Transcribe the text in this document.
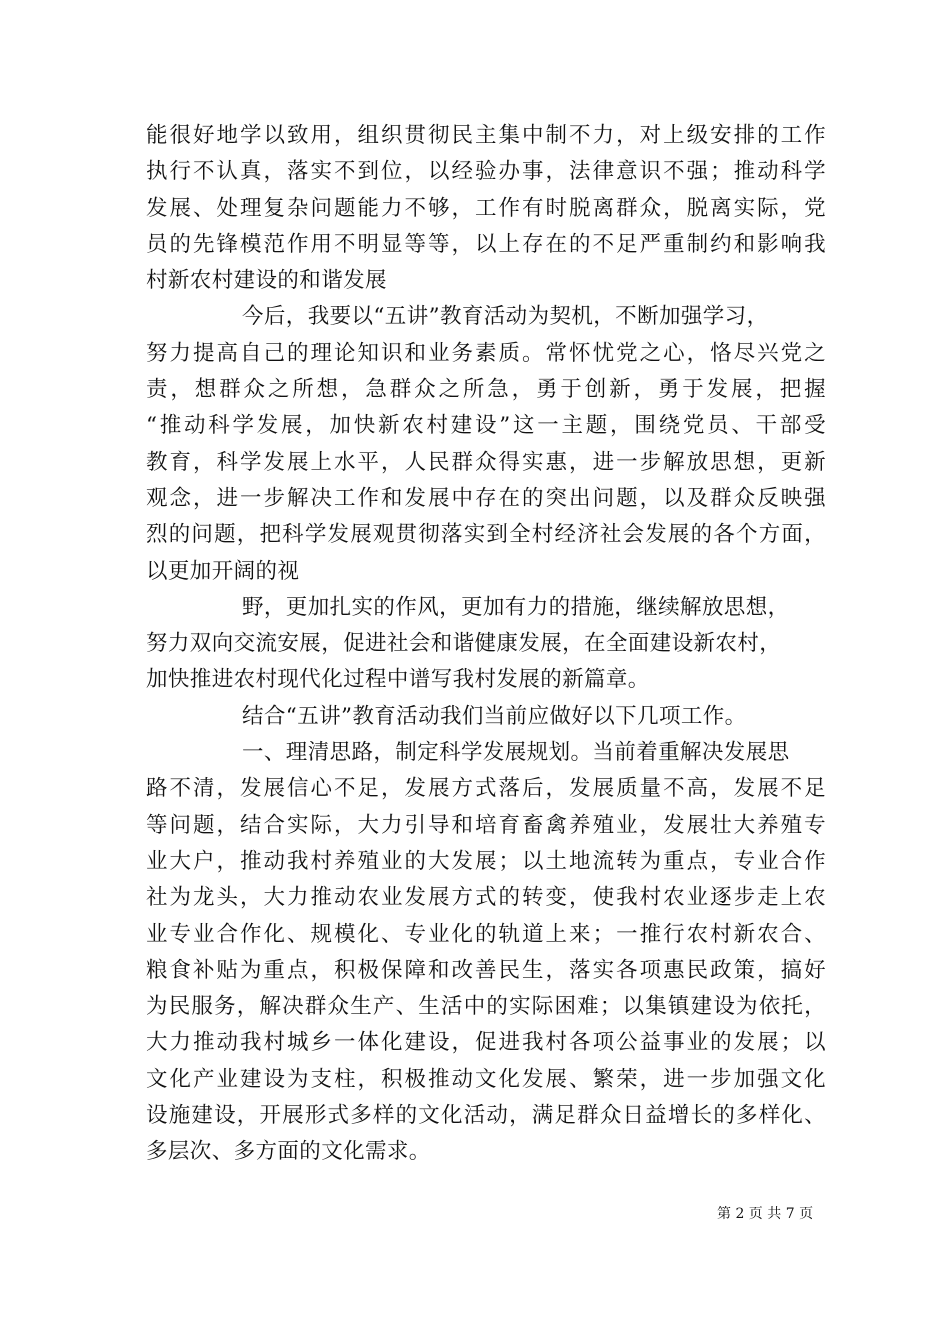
能很好地学以致用，组织贯彻民主集中制不力，对上级安排的工作
执行不认真，落实不到位，以经验办事，法律意识不强；推动科学
发展、处理复杂问题能力不够，工作有时脱离群众，脱离实际，党
员的先锋模范作用不明显等等，以上存在的不足严重制约和影响我
村新农村建设的和谐发展
今后，我要以“五讲”教育活动为契机，不断加强学习，
努力提高自己的理论知识和业务素质。常怀忧党之心，恪尽兴党之
责，想群众之所想，急群众之所急，勇于创新，勇于发展，把握
“推动科学发展，加快新农村建设”这一主题，围绕党员、干部受
教育，科学发展上水平，人民群众得实惠，进一步解放思想，更新
观念，进一步解决工作和发展中存在的突出问题，以及群众反映强
烈的问题，把科学发展观贯彻落实到全村经济社会发展的各个方面，
以更加开阔的视
野，更加扎实的作风，更加有力的措施，继续解放思想，
努力双向交流安展，促进社会和谐健康发展，在全面建设新农村，
加快推进农村现代化过程中谱写我村发展的新篇章。
结合“五讲”教育活动我们当前应做好以下几项工作。
一、理清思路，制定科学发展规划。当前着重解决发展思
路不清，发展信心不足，发展方式落后，发展质量不高，发展不足
等问题，结合实际，大力引导和培育畜禽养殖业，发展壮大养殖专
业大户，推动我村养殖业的大发展；以土地流转为重点，专业合作
社为龙头，大力推动农业发展方式的转变，使我村农业逐步走上农
业专业合作化、规模化、专业化的轨道上来；一推行农村新农合、
粮食补贴为重点，积极保障和改善民生，落实各项惠民政策，搞好
为民服务，解决群众生产、生活中的实际困难；以集镇建设为依托，
大力推动我村城乡一体化建设，促进我村各项公益事业的发展；以
文化产业建设为支柱，积极推动文化发展、繁荣，进一步加强文化
设施建设，开展形式多样的文化活动，满足群众日益增长的多样化、
多层次、多方面的文化需求。
第 2 页 共 7 页
